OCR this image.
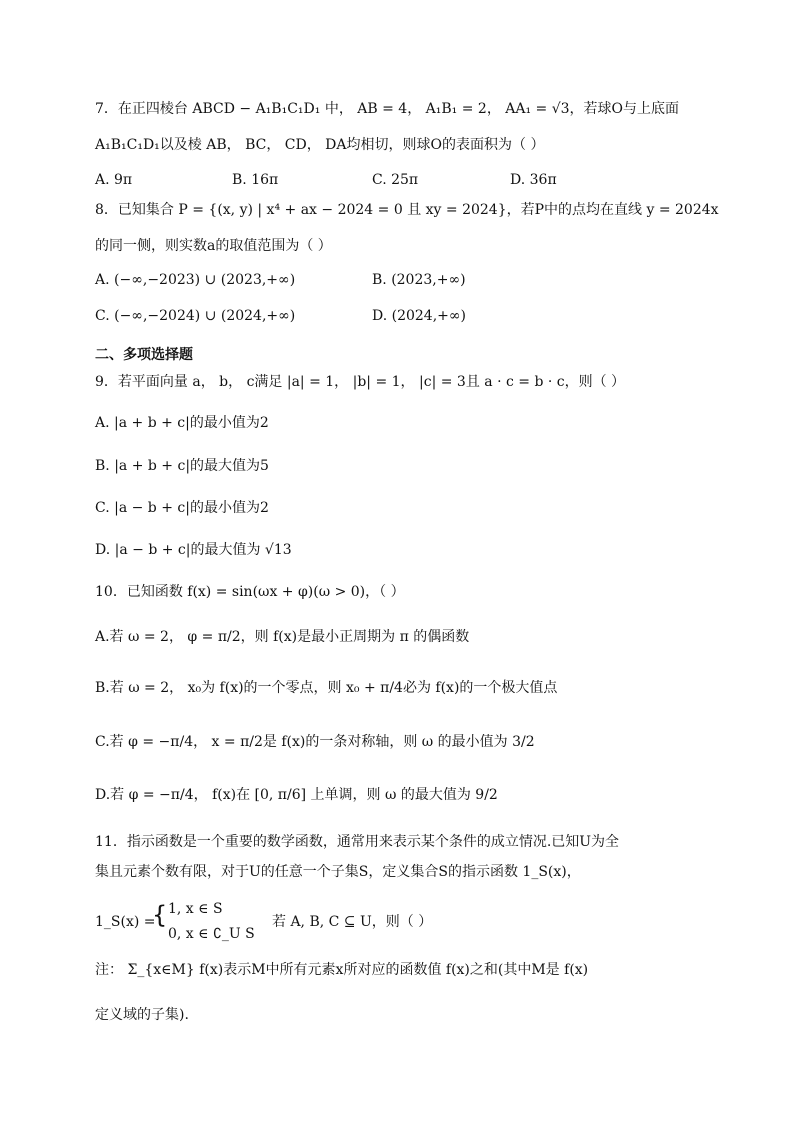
7．在正四棱台 ABCD − A₁B₁C₁D₁ 中， AB = 4， A₁B₁ = 2， AA₁ = √3，若球O与上底面
A₁B₁C₁D₁以及棱 AB， BC， CD， DA均相切，则球O的表面积为（ ）
A. 9π	B. 16π	C. 25π	D. 36π
8．已知集合 P = {(x, y) | x⁴ + ax − 2024 = 0 且 xy = 2024}，若P中的点均在直线 y = 2024x
的同一侧，则实数a的取值范围为（ ）
A. (−∞,−2023) ∪ (2023,+∞)	B. (2023,+∞)
C. (−∞,−2024) ∪ (2024,+∞)	D. (2024,+∞)
二、多项选择题
9．若平面向量 a， b， c满足 |a| = 1， |b| = 1， |c| = 3且 a · c = b · c，则（ ）
A. |a + b + c|的最小值为2
B. |a + b + c|的最大值为5
C. |a − b + c|的最小值为2
D. |a − b + c|的最大值为 √13
10．已知函数 f(x) = sin(ωx + φ)(ω > 0)，（ ）
A.若 ω = 2， φ = π/2，则 f(x)是最小正周期为 π 的偶函数
B.若 ω = 2， x₀为 f(x)的一个零点，则 x₀ + π/4必为 f(x)的一个极大值点
C.若 φ = −π/4， x = π/2是 f(x)的一条对称轴，则 ω 的最小值为 3/2
D.若 φ = −π/4， f(x)在 [0, π/6] 上单调，则 ω 的最大值为 9/2
11．指示函数是一个重要的数学函数，通常用来表示某个条件的成立情况.已知U为全
集且元素个数有限，对于U的任意一个子集S，定义集合S的指示函数 1_S(x)，
1_S(x) =
{ 1, x ∈ S
0, x ∈ ∁_U S
若 A, B, C ⊆ U，则（ ）
注： Σ_{x∈M} f(x)表示M中所有元素x所对应的函数值 f(x)之和(其中M是 f(x)
定义域的子集).
